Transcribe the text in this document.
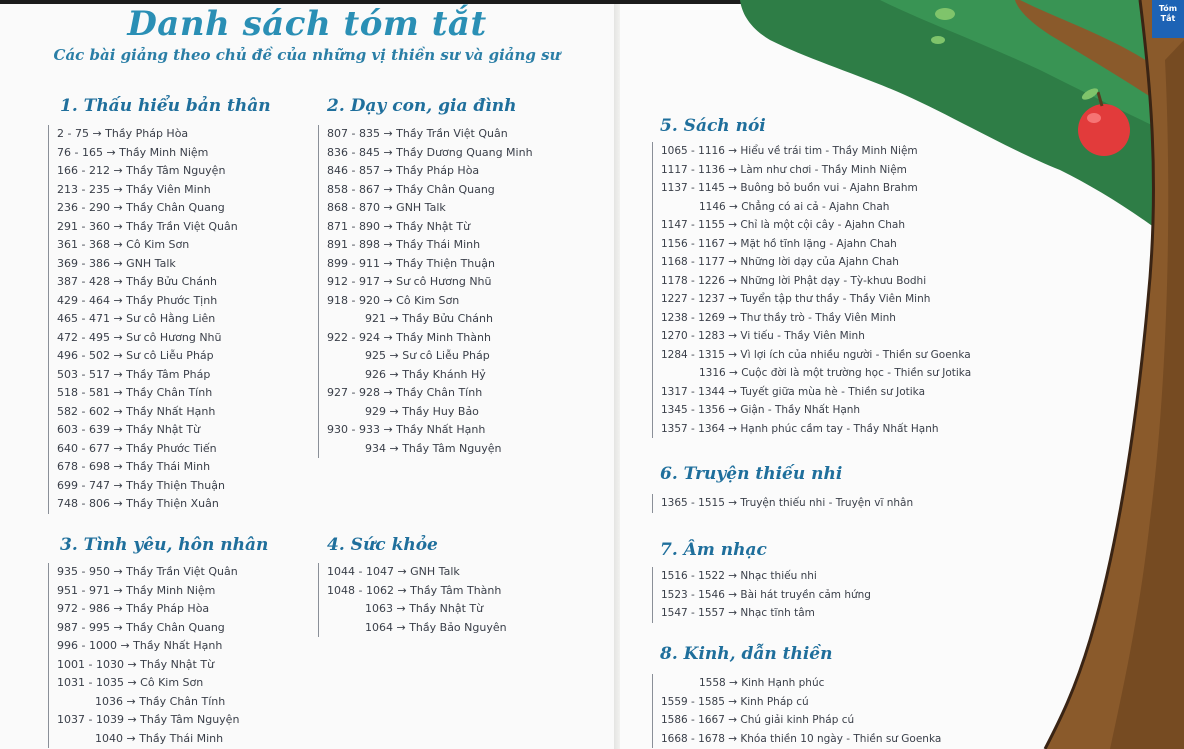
Tóm
Tắt
Danh sách tóm tắt
Các bài giảng theo chủ đề của những vị thiền sư và giảng sư
1. Thấu hiểu bản thân
2 - 75 → Thầy Pháp Hòa
76 - 165 → Thầy Minh Niệm
166 - 212 → Thầy Tâm Nguyện
213 - 235 → Thầy Viên Minh
236 - 290 → Thầy Chân Quang
291 - 360 → Thầy Trần Việt Quân
361 - 368 → Cô Kim Sơn
369 - 386 → GNH Talk
387 - 428 → Thầy Bửu Chánh
429 - 464 → Thầy Phước Tịnh
465 - 471 → Sư cô Hằng Liên
472 - 495 → Sư cô Hương Nhũ
496 - 502 → Sư cô Liễu Pháp
503 - 517 → Thầy Tâm Pháp
518 - 581 → Thầy Chân Tính
582 - 602 → Thầy Nhất Hạnh
603 - 639 → Thầy Nhật Từ
640 - 677 → Thầy Phước Tiến
678 - 698 → Thầy Thái Minh
699 - 747 → Thầy Thiện Thuận
748 - 806 → Thầy Thiện Xuân
2. Dạy con, gia đình
807 - 835 → Thầy Trần Việt Quân
836 - 845 → Thầy Dương Quang Minh
846 - 857 → Thầy Pháp Hòa
858 - 867 → Thầy Chân Quang
868 - 870 → GNH Talk
871 - 890 → Thầy Nhật Từ
891 - 898 → Thầy Thái Minh
899 - 911 → Thầy Thiện Thuận
912 - 917 → Sư cô Hương Nhũ
918 - 920 → Cô Kim Sơn
921 → Thầy Bửu Chánh
922 - 924 → Thầy Minh Thành
925 → Sư cô Liễu Pháp
926 → Thầy Khánh Hỷ
927 - 928 → Thầy Chân Tính
929 → Thầy Huy Bảo
930 - 933 → Thầy Nhất Hạnh
934 → Thầy Tâm Nguyện
3. Tình yêu, hôn nhân
935 - 950 → Thầy Trần Việt Quân
951 - 971 → Thầy Minh Niệm
972 - 986 → Thầy Pháp Hòa
987 - 995 → Thầy Chân Quang
996 - 1000 → Thầy Nhất Hạnh
1001 - 1030 → Thầy Nhật Từ
1031 - 1035 → Cô Kim Sơn
1036 → Thầy Chân Tính
1037 - 1039 → Thầy Tâm Nguyện
1040 → Thầy Thái Minh
4. Sức khỏe
1044 - 1047 → GNH Talk
1048 - 1062 → Thầy Tâm Thành
1063 → Thầy Nhật Từ
1064 → Thầy Bảo Nguyên
5. Sách nói
1065 - 1116 → Hiểu về trái tim - Thầy Minh Niệm
1117 - 1136 → Làm như chơi - Thầy Minh Niệm
1137 - 1145 → Buông bỏ buồn vui - Ajahn Brahm
1146 → Chẳng có ai cả - Ajahn Chah
1147 - 1155 → Chỉ là một cội cây - Ajahn Chah
1156 - 1167 → Mặt hồ tĩnh lặng - Ajahn Chah
1168 - 1177 → Những lời dạy của Ajahn Chah
1178 - 1226 → Những lời Phật dạy - Tỳ-khưu Bodhi
1227 - 1237 → Tuyển tập thư thầy - Thầy Viên Minh
1238 - 1269 → Thư thầy trò - Thầy Viên Minh
1270 - 1283 → Vi tiếu - Thầy Viên Minh
1284 - 1315 → Vì lợi ích của nhiều người - Thiền sư Goenka
1316 → Cuộc đời là một trường học - Thiền sư Jotika
1317 - 1344 → Tuyết giữa mùa hè - Thiền sư Jotika
1345 - 1356 → Giận - Thầy Nhất Hạnh
1357 - 1364 → Hạnh phúc cầm tay - Thầy Nhất Hạnh
6. Truyện thiếu nhi
1365 - 1515 → Truyện thiếu nhi - Truyện vĩ nhân
7. Âm nhạc
1516 - 1522 → Nhạc thiếu nhi
1523 - 1546 → Bài hát truyền cảm hứng
1547 - 1557 → Nhạc tĩnh tâm
8. Kinh, dẫn thiền
1558 → Kinh Hạnh phúc
1559 - 1585 → Kinh Pháp cú
1586 - 1667 → Chú giải kinh Pháp cú
1668 - 1678 → Khóa thiền 10 ngày - Thiền sư Goenka
